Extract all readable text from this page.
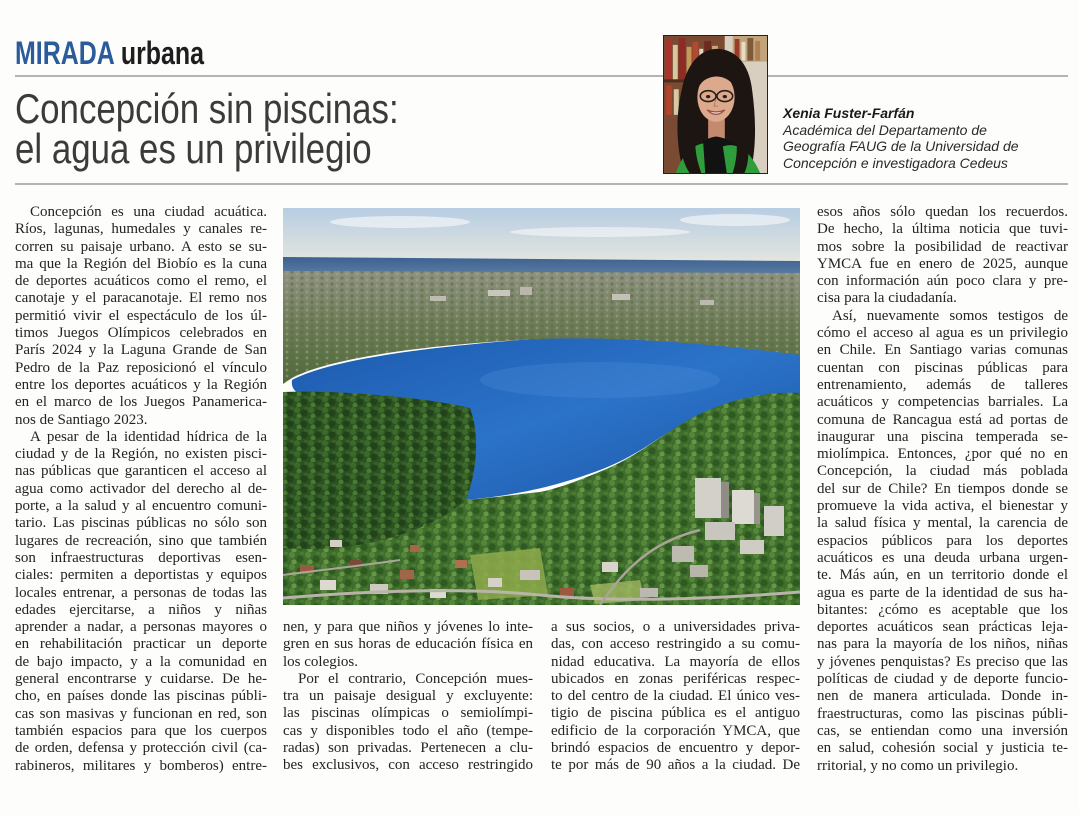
MIRADA urbana
Concepción sin piscinas:
el agua es un privilegio
Xenia Fuster-Farfán
Académica del Departamento de
Geografía FAUG de la Universidad de
Concepción e investigadora Cedeus
Concepción es una ciudad acuática.
Ríos, lagunas, humedales y canales re-
corren su paisaje urbano. A esto se su-
ma que la Región del Biobío es la cuna
de deportes acuáticos como el remo, el
canotaje y el paracanotaje. El remo nos
permitió vivir el espectáculo de los úl-
timos Juegos Olímpicos celebrados en
París 2024 y la Laguna Grande de San
Pedro de la Paz reposicionó el vínculo
entre los deportes acuáticos y la Región
en el marco de los Juegos Panamerica-
nos de Santiago 2023.
A pesar de la identidad hídrica de la
ciudad y de la Región, no existen pisci-
nas públicas que garanticen el acceso al
agua como activador del derecho al de-
porte, a la salud y al encuentro comuni-
tario. Las piscinas públicas no sólo son
lugares de recreación, sino que también
son infraestructuras deportivas esen-
ciales: permiten a deportistas y equipos
locales entrenar, a personas de todas las
edades ejercitarse, a niños y niñas
aprender a nadar, a personas mayores o
en rehabilitación practicar un deporte
de bajo impacto, y a la comunidad en
general encontrarse y cuidarse. De he-
cho, en países donde las piscinas públi-
cas son masivas y funcionan en red, son
también espacios para que los cuerpos
de orden, defensa y protección civil (ca-
rabineros, militares y bomberos) entre-
nen, y para que niños y jóvenes lo inte-
gren en sus horas de educación física en
los colegios.
Por el contrario, Concepción mues-
tra un paisaje desigual y excluyente:
las piscinas olímpicas o semiolímpi-
cas y disponibles todo el año (tempe-
radas) son privadas. Pertenecen a clu-
bes exclusivos, con acceso restringido
a sus socios, o a universidades priva-
das, con acceso restringido a su comu-
nidad educativa. La mayoría de ellos
ubicados en zonas periféricas respec-
to del centro de la ciudad. El único ves-
tigio de piscina pública es el antiguo
edificio de la corporación YMCA, que
brindó espacios de encuentro y depor-
te por más de 90 años a la ciudad. De
esos años sólo quedan los recuerdos.
De hecho, la última noticia que tuvi-
mos sobre la posibilidad de reactivar
YMCA fue en enero de 2025, aunque
con información aún poco clara y pre-
cisa para la ciudadanía.
Así, nuevamente somos testigos de
cómo el acceso al agua es un privilegio
en Chile. En Santiago varias comunas
cuentan con piscinas públicas para
entrenamiento, además de talleres
acuáticos y competencias barriales. La
comuna de Rancagua está ad portas de
inaugurar una piscina temperada se-
miolímpica. Entonces, ¿por qué no en
Concepción, la ciudad más poblada
del sur de Chile? En tiempos donde se
promueve la vida activa, el bienestar y
la salud física y mental, la carencia de
espacios públicos para los deportes
acuáticos es una deuda urbana urgen-
te. Más aún, en un territorio donde el
agua es parte de la identidad de sus ha-
bitantes: ¿cómo es aceptable que los
deportes acuáticos sean prácticas leja-
nas para la mayoría de los niños, niñas
y jóvenes penquistas? Es preciso que las
políticas de ciudad y de deporte funcio-
nen de manera articulada. Donde in-
fraestructuras, como las piscinas públi-
cas, se entiendan como una inversión
en salud, cohesión social y justicia te-
rritorial, y no como un privilegio.
